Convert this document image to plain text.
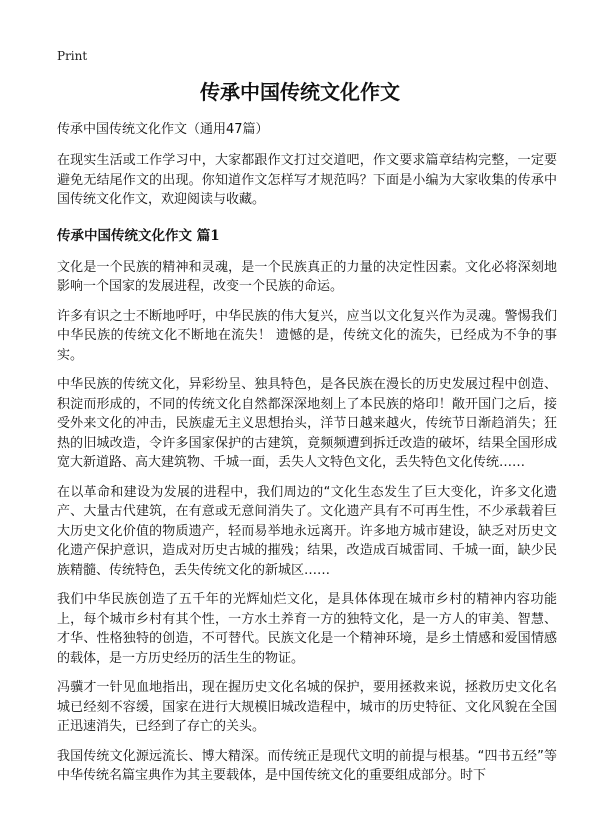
Print
传承中国传统文化作文
传承中国传统文化作文（通用47篇）

在现实生活或工作学习中，大家都跟作文打过交道吧，作文要求篇章结构完整，一定要避免无结尾作文的出现。你知道作文怎样写才规范吗？下面是小编为大家收集的传承中国传统文化作文，欢迎阅读与收藏。

传承中国传统文化作文 篇1

文化是一个民族的精神和灵魂，是一个民族真正的力量的决定性因素。文化必将深刻地影响一个国家的发展进程，改变一个民族的命运。

许多有识之士不断地呼吁，中华民族的伟大复兴，应当以文化复兴作为灵魂。警惕我们中华民族的传统文化不断地在流失！ 遗憾的是，传统文化的流失，已经成为不争的事实。

中华民族的传统文化，异彩纷呈、独具特色，是各民族在漫长的历史发展过程中创造、积淀而形成的，不同的传统文化自然都深深地刻上了本民族的烙印！敞开国门之后，接受外来文化的冲击，民族虚无主义思想抬头，洋节日越来越火，传统节日渐趋消失；狂热的旧城改造，令许多国家保护的古建筑，竟频频遭到拆迁改造的破坏，结果全国形成宽大新道路、高大建筑物、千城一面，丢失人文特色文化，丢失特色文化传统……

在以革命和建设为发展的进程中，我们周边的“文化生态发生了巨大变化，许多文化遗产、大量古代建筑，在有意或无意间消失了。文化遗产具有不可再生性，不少承载着巨大历史文化价值的物质遗产，轻而易举地永远离开。许多地方城市建设，缺乏对历史文化遗产保护意识，造成对历史古城的摧残；结果，改造成百城雷同、千城一面，缺少民族精髓、传统特色，丢失传统文化的新城区……

我们中华民族创造了五千年的光辉灿烂文化，是具体体现在城市乡村的精神内容功能上，每个城市乡村有其个性，一方水土养育一方的独特文化，是一方人的审美、智慧、才华、性格独特的创造，不可替代。民族文化是一个精神环境，是乡土情感和爱国情感的载体，是一方历史经历的活生生的物证。

冯骥才一针见血地指出，现在握历史文化名城的保护，要用拯救来说，拯救历史文化名城已经刻不容缓，国家在进行大规模旧城改造程中，城市的历史特征、文化风貌在全国正迅速消失，已经到了存亡的关头。

我国传统文化源远流长、博大精深。而传统正是现代文明的前提与根基。“四书五经”等中华传统名篇宝典作为其主要载体，是中国传统文化的重要组成部分。时下
